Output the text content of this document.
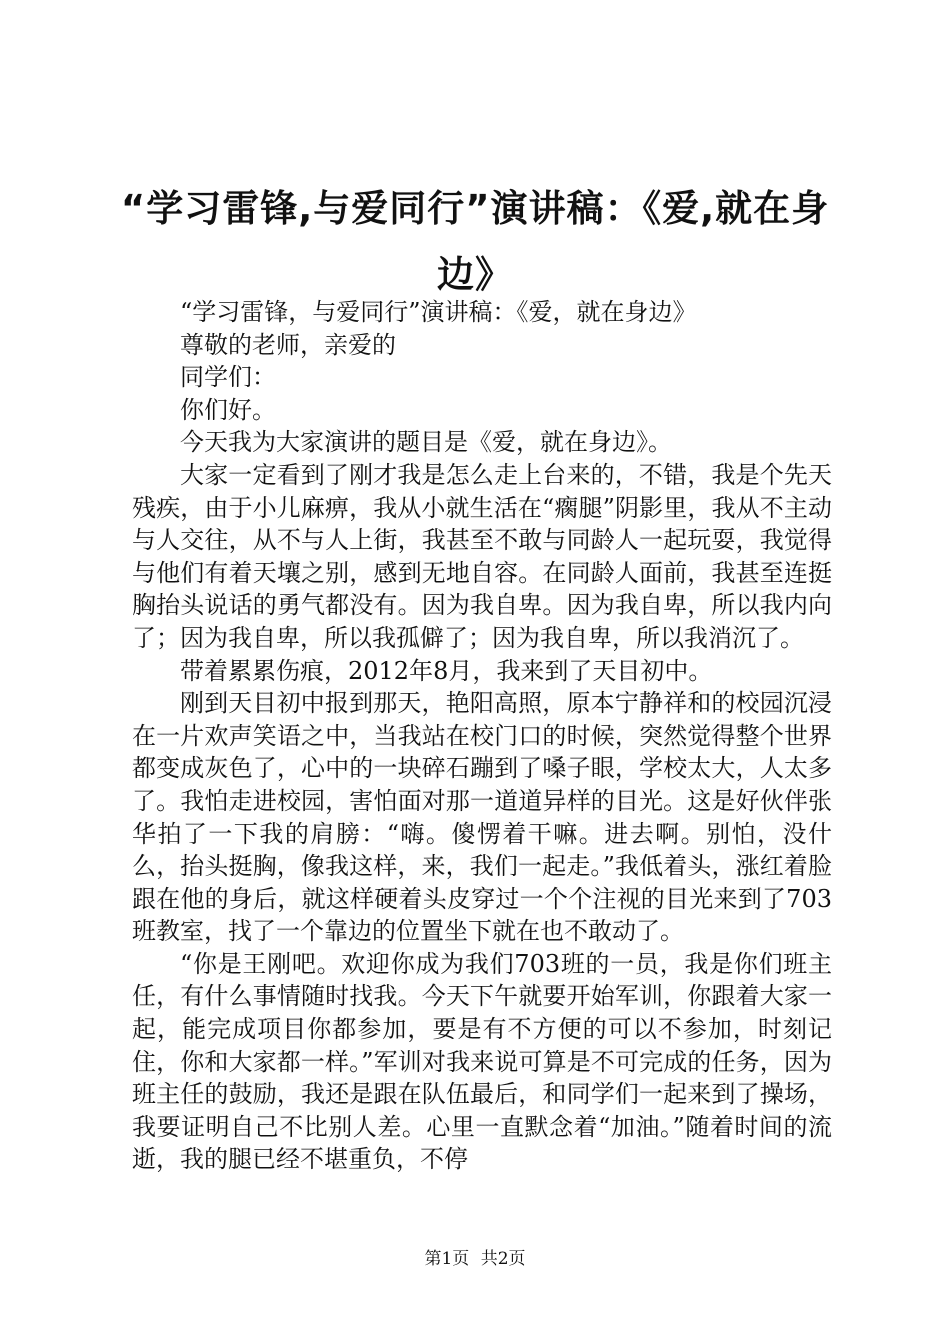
“学习雷锋,与爱同行”演讲稿：《爱,就在身边》

“学习雷锋，与爱同行”演讲稿：《爱，就在身边》

尊敬的老师，亲爱的

同学们：

你们好。

今天我为大家演讲的题目是《爱，就在身边》。

大家一定看到了刚才我是怎么走上台来的，不错，我是个先天残疾，由于小儿麻痹，我从小就生活在“瘸腿”阴影里，我从不主动与人交往，从不与人上街，我甚至不敢与同龄人一起玩耍，我觉得与他们有着天壤之别，感到无地自容。在同龄人面前，我甚至连挺胸抬头说话的勇气都没有。因为我自卑。因为我自卑，所以我内向了；因为我自卑，所以我孤僻了；因为我自卑，所以我消沉了。

带着累累伤痕，2012年8月，我来到了天目初中。

刚到天目初中报到那天，艳阳高照，原本宁静祥和的校园沉浸在一片欢声笑语之中，当我站在校门口的时候，突然觉得整个世界都变成灰色了，心中的一块碎石蹦到了嗓子眼，学校太大，人太多了。我怕走进校园，害怕面对那一道道异样的目光。这是好伙伴张华拍了一下我的肩膀：“嗨。傻愣着干嘛。进去啊。别怕，没什么，抬头挺胸，像我这样，来，我们一起走。”我低着头，涨红着脸跟在他的身后，就这样硬着头皮穿过一个个注视的目光来到了703班教室，找了一个靠边的位置坐下就在也不敢动了。

“你是王刚吧。欢迎你成为我们703班的一员，我是你们班主任，有什么事情随时找我。今天下午就要开始军训，你跟着大家一起，能完成项目你都参加，要是有不方便的可以不参加，时刻记住，你和大家都一样。”军训对我来说可算是不可完成的任务，因为班主任的鼓励，我还是跟在队伍最后，和同学们一起来到了操场，我要证明自己不比别人差。心里一直默念着“加油。”随着时间的流逝，我的腿已经不堪重负，不停

第1页 共2页
